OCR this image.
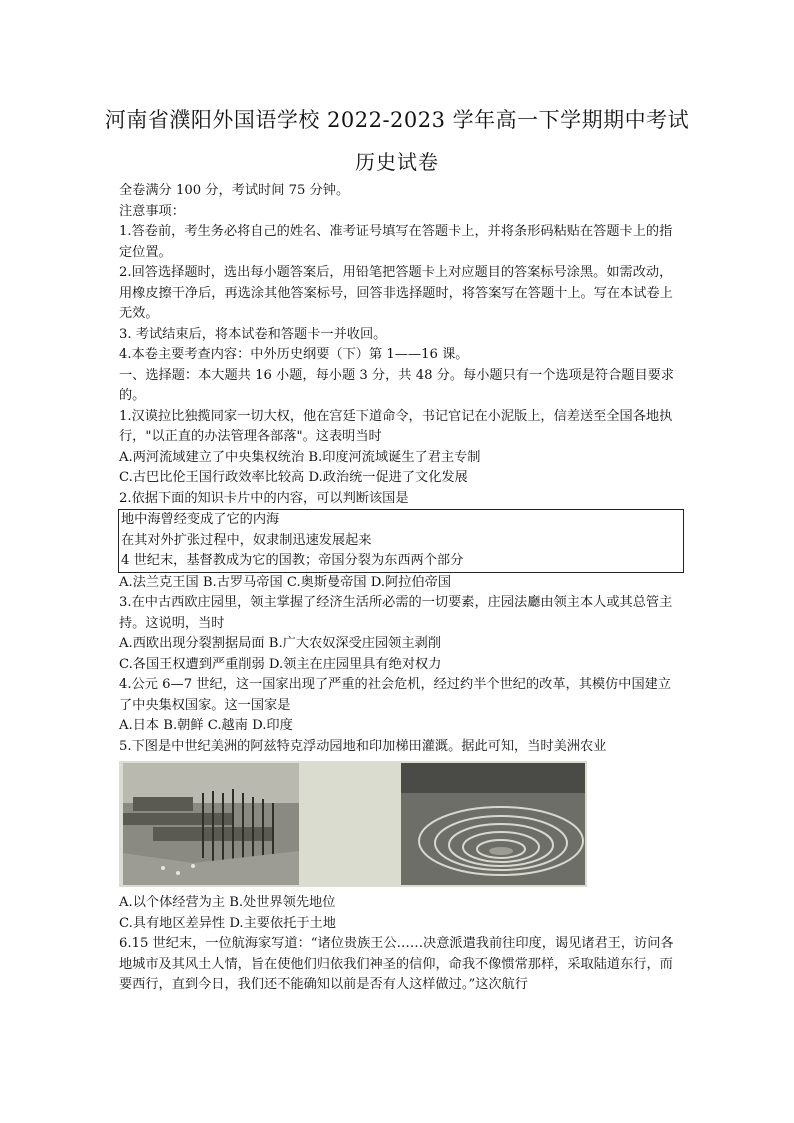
河南省濮阳外国语学校 2022-2023 学年高一下学期期中考试
历史试卷

全卷满分 100 分，考试时间 75 分钟。

注意事项：

1.答卷前，考生务必将自己的姓名、准考证号填写在答题卡上，并将条形码粘贴在答题卡上的指定位置。

2.回答选择题时，选出每小题答案后，用铅笔把答题卡上对应题目的答案标号涂黑。如需改动，用橡皮擦干净后，再选涂其他答案标号，回答非选择题时，将答案写在答题十上。写在本试卷上无效。

3. 考试结束后，将本试卷和答题卡一并收回。

4.本卷主要考查内容：中外历史纲要（下）第 1——16 课。

一、选择题：本大题共 16 小题，每小题 3 分，共 48 分。每小题只有一个选项是符合题目要求的。

1.汉谟拉比独揽同家一切大权，他在宫廷下道命令，书记官记在小泥版上，信差送至全国各地执行，"以正直的办法管理各部落"。这表明当时

A.两河流域建立了中央集权统治 B.印度河流域诞生了君主专制

C.古巴比伦王国行政效率比较高 D.政治统一促进了文化发展

2.依据下面的知识卡片中的内容，可以判断该国是

地中海曾经变成了它的内海

在其对外扩张过程中，奴隶制迅速发展起来

4 世纪末，基督教成为它的国教；帝国分裂为东西两个部分

A.法兰克王国 B.古罗马帝国 C.奥斯曼帝国 D.阿拉伯帝国

3.在中古西欧庄园里，领主掌握了经济生活所必需的一切要素，庄园法廳由领主本人或其总管主持。这说明，当时

A.西欧出现分裂割据局面 B.广大农奴深受庄园领主剥削

C.各国王权遭到严重削弱 D.领主在庄园里具有绝对权力

4.公元 6—7 世纪，这一国家出现了严重的社会危机，经过约半个世纪的改革，其模仿中国建立了中央集权国家。这一国家是

A.日本 B.朝鲜 C.越南 D.印度

5.下图是中世纪美洲的阿兹特克浮动园地和印加梯田灌溉。据此可知，当时美洲农业

A.以个体经营为主 B.处世界领先地位

C.具有地区差异性 D.主要依托于土地

6.15 世纪末，一位航海家写道：“诸位贵族王公……决意派遣我前往印度，谒见诸君王，访问各地城市及其风土人情，旨在使他们归依我们神圣的信仰，命我不像惯常那样，采取陆道东行，而要西行，直到今日，我们还不能确知以前是否有人这样做过。”这次航行
